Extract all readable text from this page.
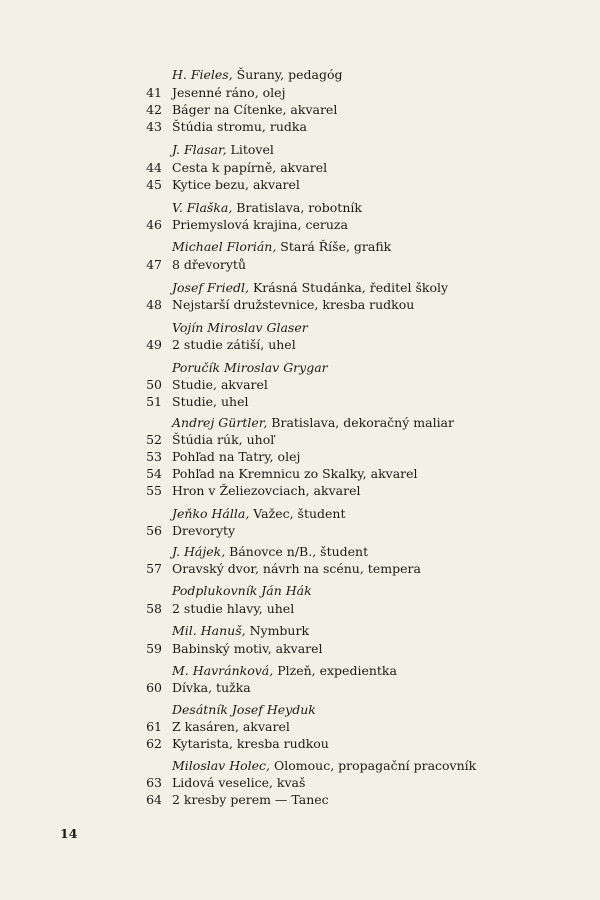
H. Fieles, Šurany, pedagóg
41 Jesenné ráno, olej
42 Báger na Cítenke, akvarel
43 Štúdia stromu, rudka
J. Flasar, Litovel
44 Cesta k papírně, akvarel
45 Kytice bezu, akvarel
V. Flaška, Bratislava, robotník
46 Priemyslová krajina, ceruza
Michael Florián, Stará Říše, grafik
47 8 dřevorytů
Josef Friedl, Krásná Studánka, ředitel školy
48 Nejstarší družstevnice, kresba rudkou
Vojín Miroslav Glaser
49 2 studie zátiší, uhel
Poručík Miroslav Grygar
50 Studie, akvarel
51 Studie, uhel
Andrej Gürtler, Bratislava, dekoračný maliar
52 Štúdia rúk, uhoľ
53 Pohľad na Tatry, olej
54 Pohľad na Kremnicu zo Skalky, akvarel
55 Hron v Želiezovciach, akvarel
Jeňko Hálla, Važec, študent
56 Drevoryty
J. Hájek, Bánovce n/B., študent
57 Oravský dvor, návrh na scénu, tempera
Podplukovník Ján Hák
58 2 studie hlavy, uhel
Mil. Hanuš, Nymburk
59 Babinský motiv, akvarel
M. Havránková, Plzeň, expedientka
60 Dívka, tužka
Desátník Josef Heyduk
61 Z kasáren, akvarel
62 Kytarista, kresba rudkou
Miloslav Holec, Olomouc, propagační pracovník
63 Lidová veselice, kvaš
64 2 kresby perem — Tanec
14
